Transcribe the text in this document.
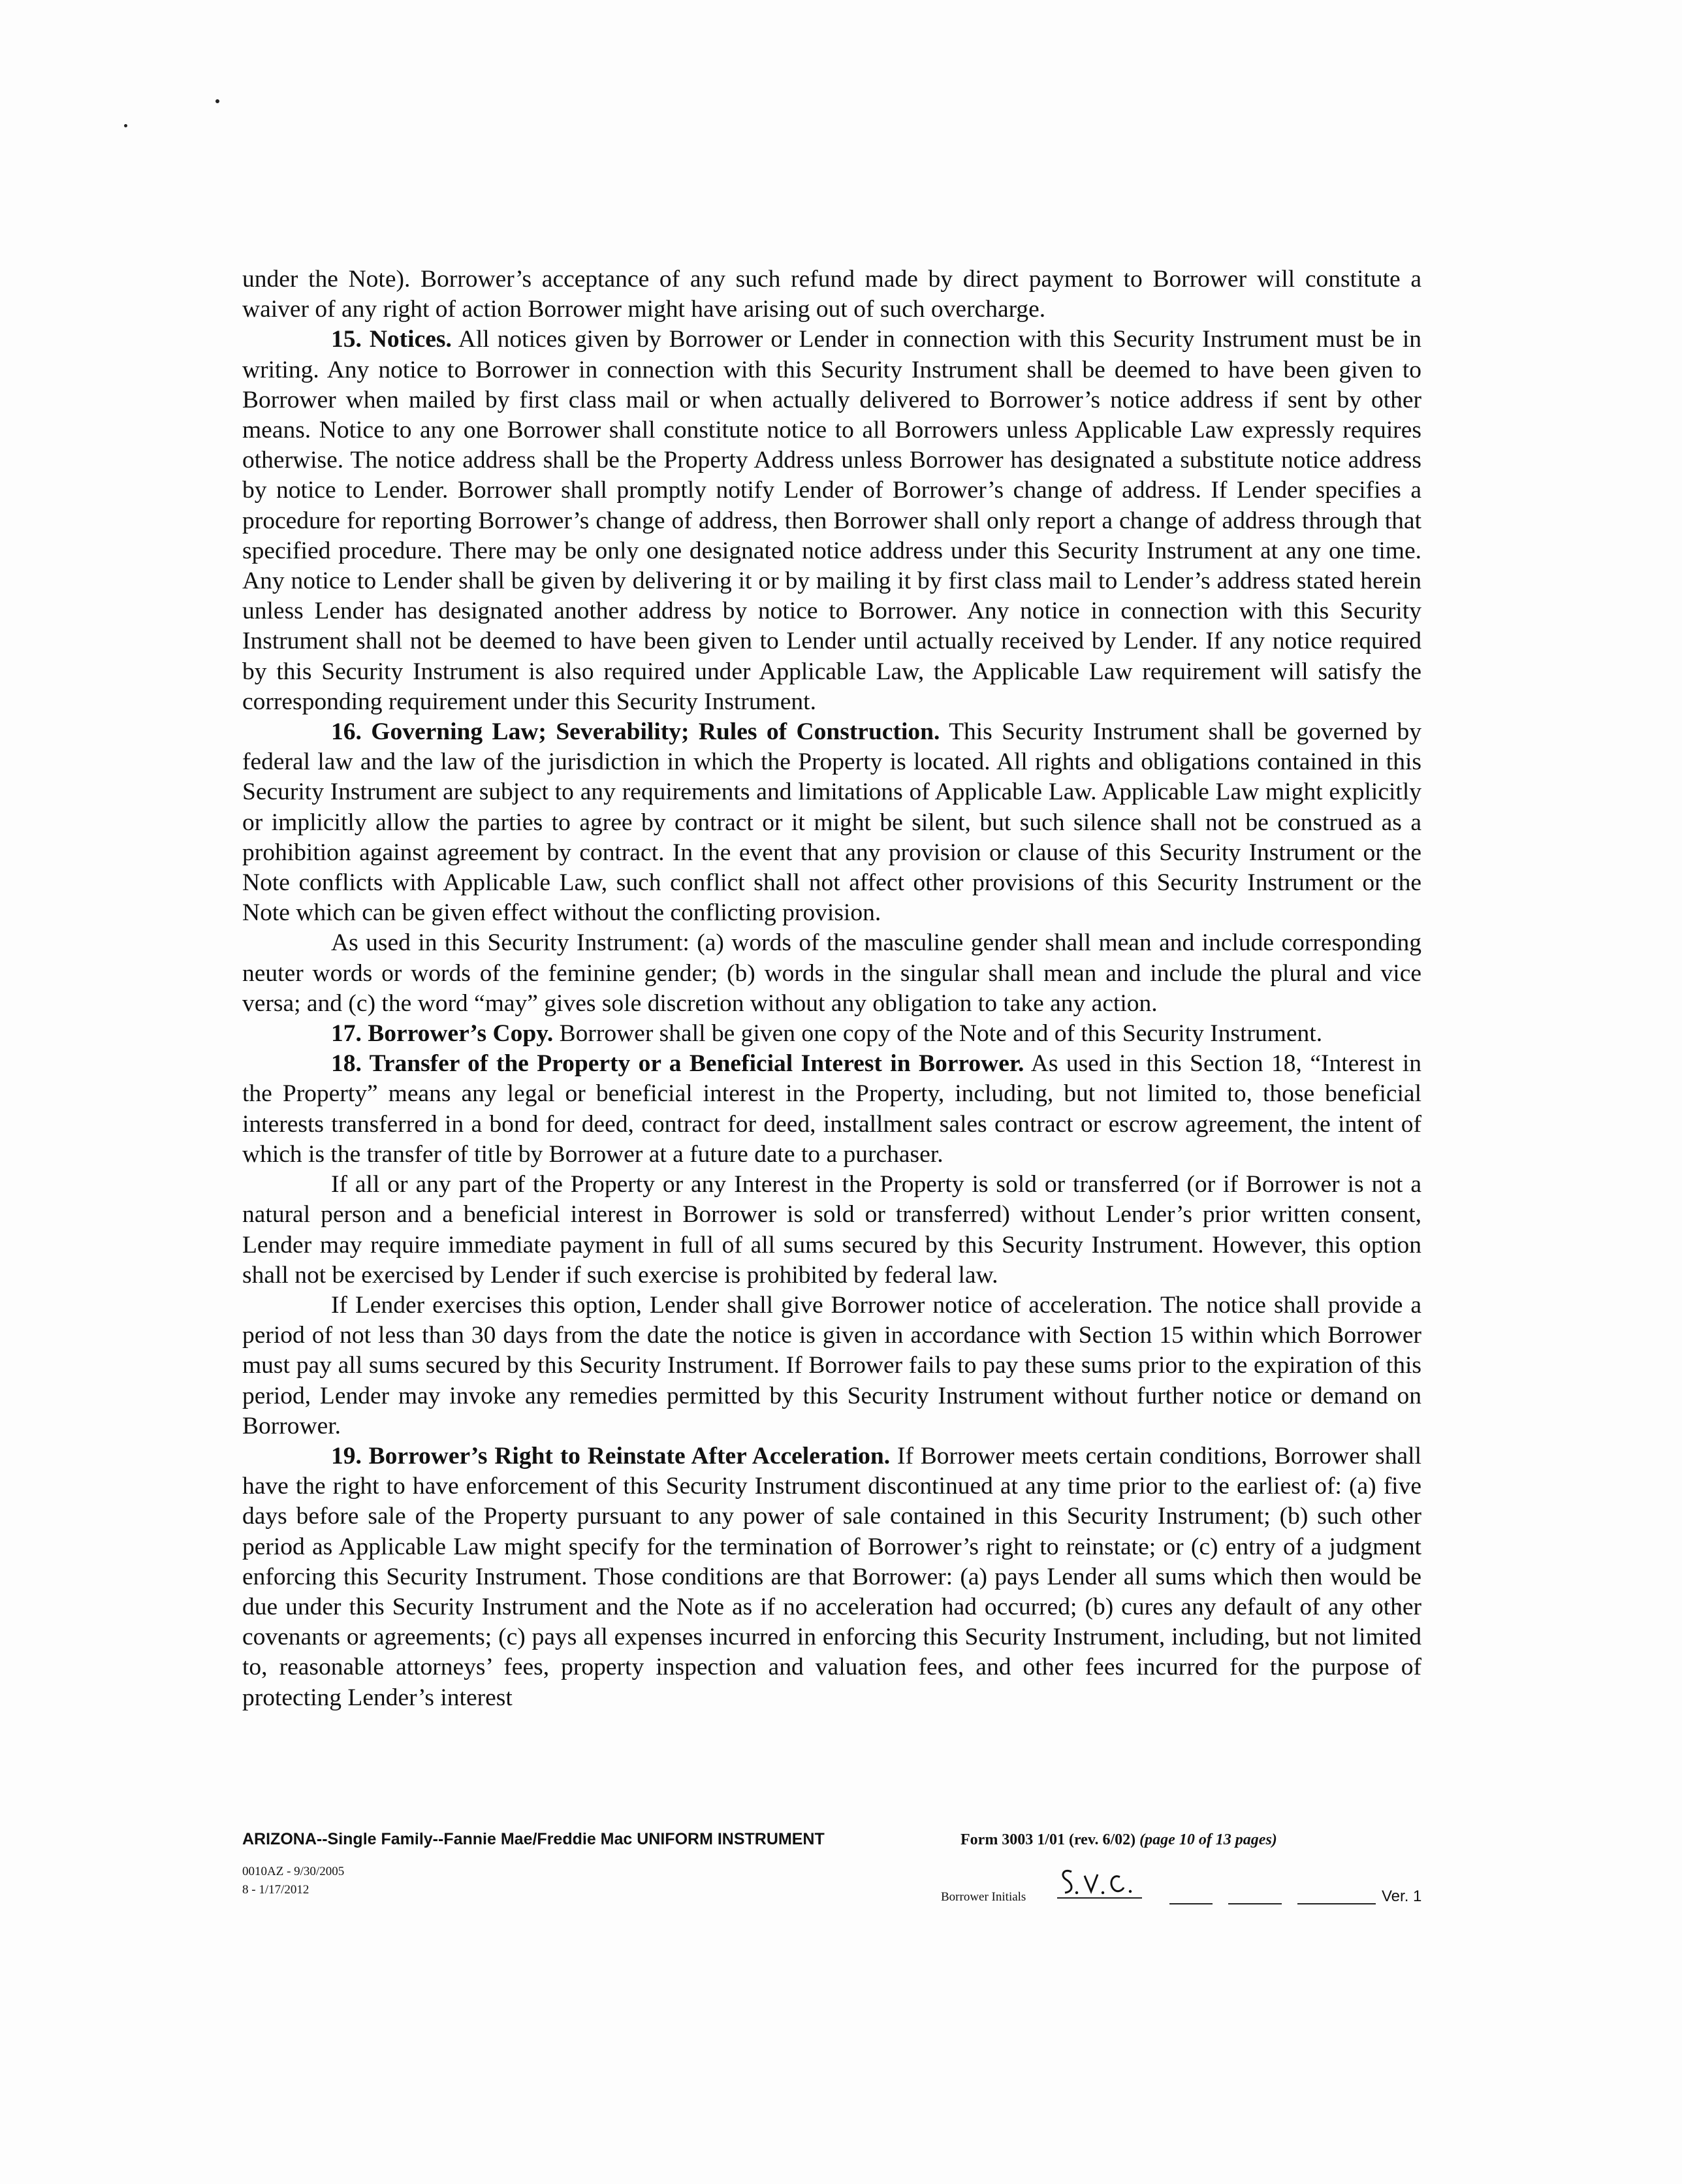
under the Note). Borrower’s acceptance of any such refund made by direct payment to Borrower will constitute a waiver of any right of action Borrower might have arising out of such overcharge.

15. Notices. All notices given by Borrower or Lender in connection with this Security Instrument must be in writing. Any notice to Borrower in connection with this Security Instrument shall be deemed to have been given to Borrower when mailed by first class mail or when actually delivered to Borrower’s notice address if sent by other means. Notice to any one Borrower shall constitute notice to all Borrowers unless Applicable Law expressly requires otherwise. The notice address shall be the Property Address unless Borrower has designated a substitute notice address by notice to Lender. Borrower shall promptly notify Lender of Borrower’s change of address. If Lender specifies a procedure for reporting Borrower’s change of address, then Borrower shall only report a change of address through that specified procedure. There may be only one designated notice address under this Security Instrument at any one time. Any notice to Lender shall be given by delivering it or by mailing it by first class mail to Lender’s address stated herein unless Lender has designated another address by notice to Borrower. Any notice in connection with this Security Instrument shall not be deemed to have been given to Lender until actually received by Lender. If any notice required by this Security Instrument is also required under Applicable Law, the Applicable Law requirement will satisfy the corresponding requirement under this Security Instrument.

16. Governing Law; Severability; Rules of Construction. This Security Instrument shall be governed by federal law and the law of the jurisdiction in which the Property is located. All rights and obligations contained in this Security Instrument are subject to any requirements and limitations of Applicable Law. Applicable Law might explicitly or implicitly allow the parties to agree by contract or it might be silent, but such silence shall not be construed as a prohibition against agreement by contract. In the event that any provision or clause of this Security Instrument or the Note conflicts with Applicable Law, such conflict shall not affect other provisions of this Security Instrument or the Note which can be given effect without the conflicting provision.

As used in this Security Instrument: (a) words of the masculine gender shall mean and include corresponding neuter words or words of the feminine gender; (b) words in the singular shall mean and include the plural and vice versa; and (c) the word “may” gives sole discretion without any obligation to take any action.

17. Borrower’s Copy. Borrower shall be given one copy of the Note and of this Security Instrument.

18. Transfer of the Property or a Beneficial Interest in Borrower. As used in this Section 18, “Interest in the Property” means any legal or beneficial interest in the Property, including, but not limited to, those beneficial interests transferred in a bond for deed, contract for deed, installment sales contract or escrow agreement, the intent of which is the transfer of title by Borrower at a future date to a purchaser.

If all or any part of the Property or any Interest in the Property is sold or transferred (or if Borrower is not a natural person and a beneficial interest in Borrower is sold or transferred) without Lender’s prior written consent, Lender may require immediate payment in full of all sums secured by this Security Instrument. However, this option shall not be exercised by Lender if such exercise is prohibited by federal law.

If Lender exercises this option, Lender shall give Borrower notice of acceleration. The notice shall provide a period of not less than 30 days from the date the notice is given in accordance with Section 15 within which Borrower must pay all sums secured by this Security Instrument. If Borrower fails to pay these sums prior to the expiration of this period, Lender may invoke any remedies permitted by this Security Instrument without further notice or demand on Borrower.

19. Borrower’s Right to Reinstate After Acceleration. If Borrower meets certain conditions, Borrower shall have the right to have enforcement of this Security Instrument discontinued at any time prior to the earliest of: (a) five days before sale of the Property pursuant to any power of sale contained in this Security Instrument; (b) such other period as Applicable Law might specify for the termination of Borrower’s right to reinstate; or (c) entry of a judgment enforcing this Security Instrument. Those conditions are that Borrower: (a) pays Lender all sums which then would be due under this Security Instrument and the Note as if no acceleration had occurred; (b) cures any default of any other covenants or agreements; (c) pays all expenses incurred in enforcing this Security Instrument, including, but not limited to, reasonable attorneys’ fees, property inspection and valuation fees, and other fees incurred for the purpose of protecting Lender’s interest

ARIZONA--Single Family--Fannie Mae/Freddie Mac UNIFORM INSTRUMENT	Form 3003 1/01 (rev. 6/02) (page 10 of 13 pages)
0010AZ - 9/30/2005
8 - 1/17/2012
Borrower Initials	Ver. 1
